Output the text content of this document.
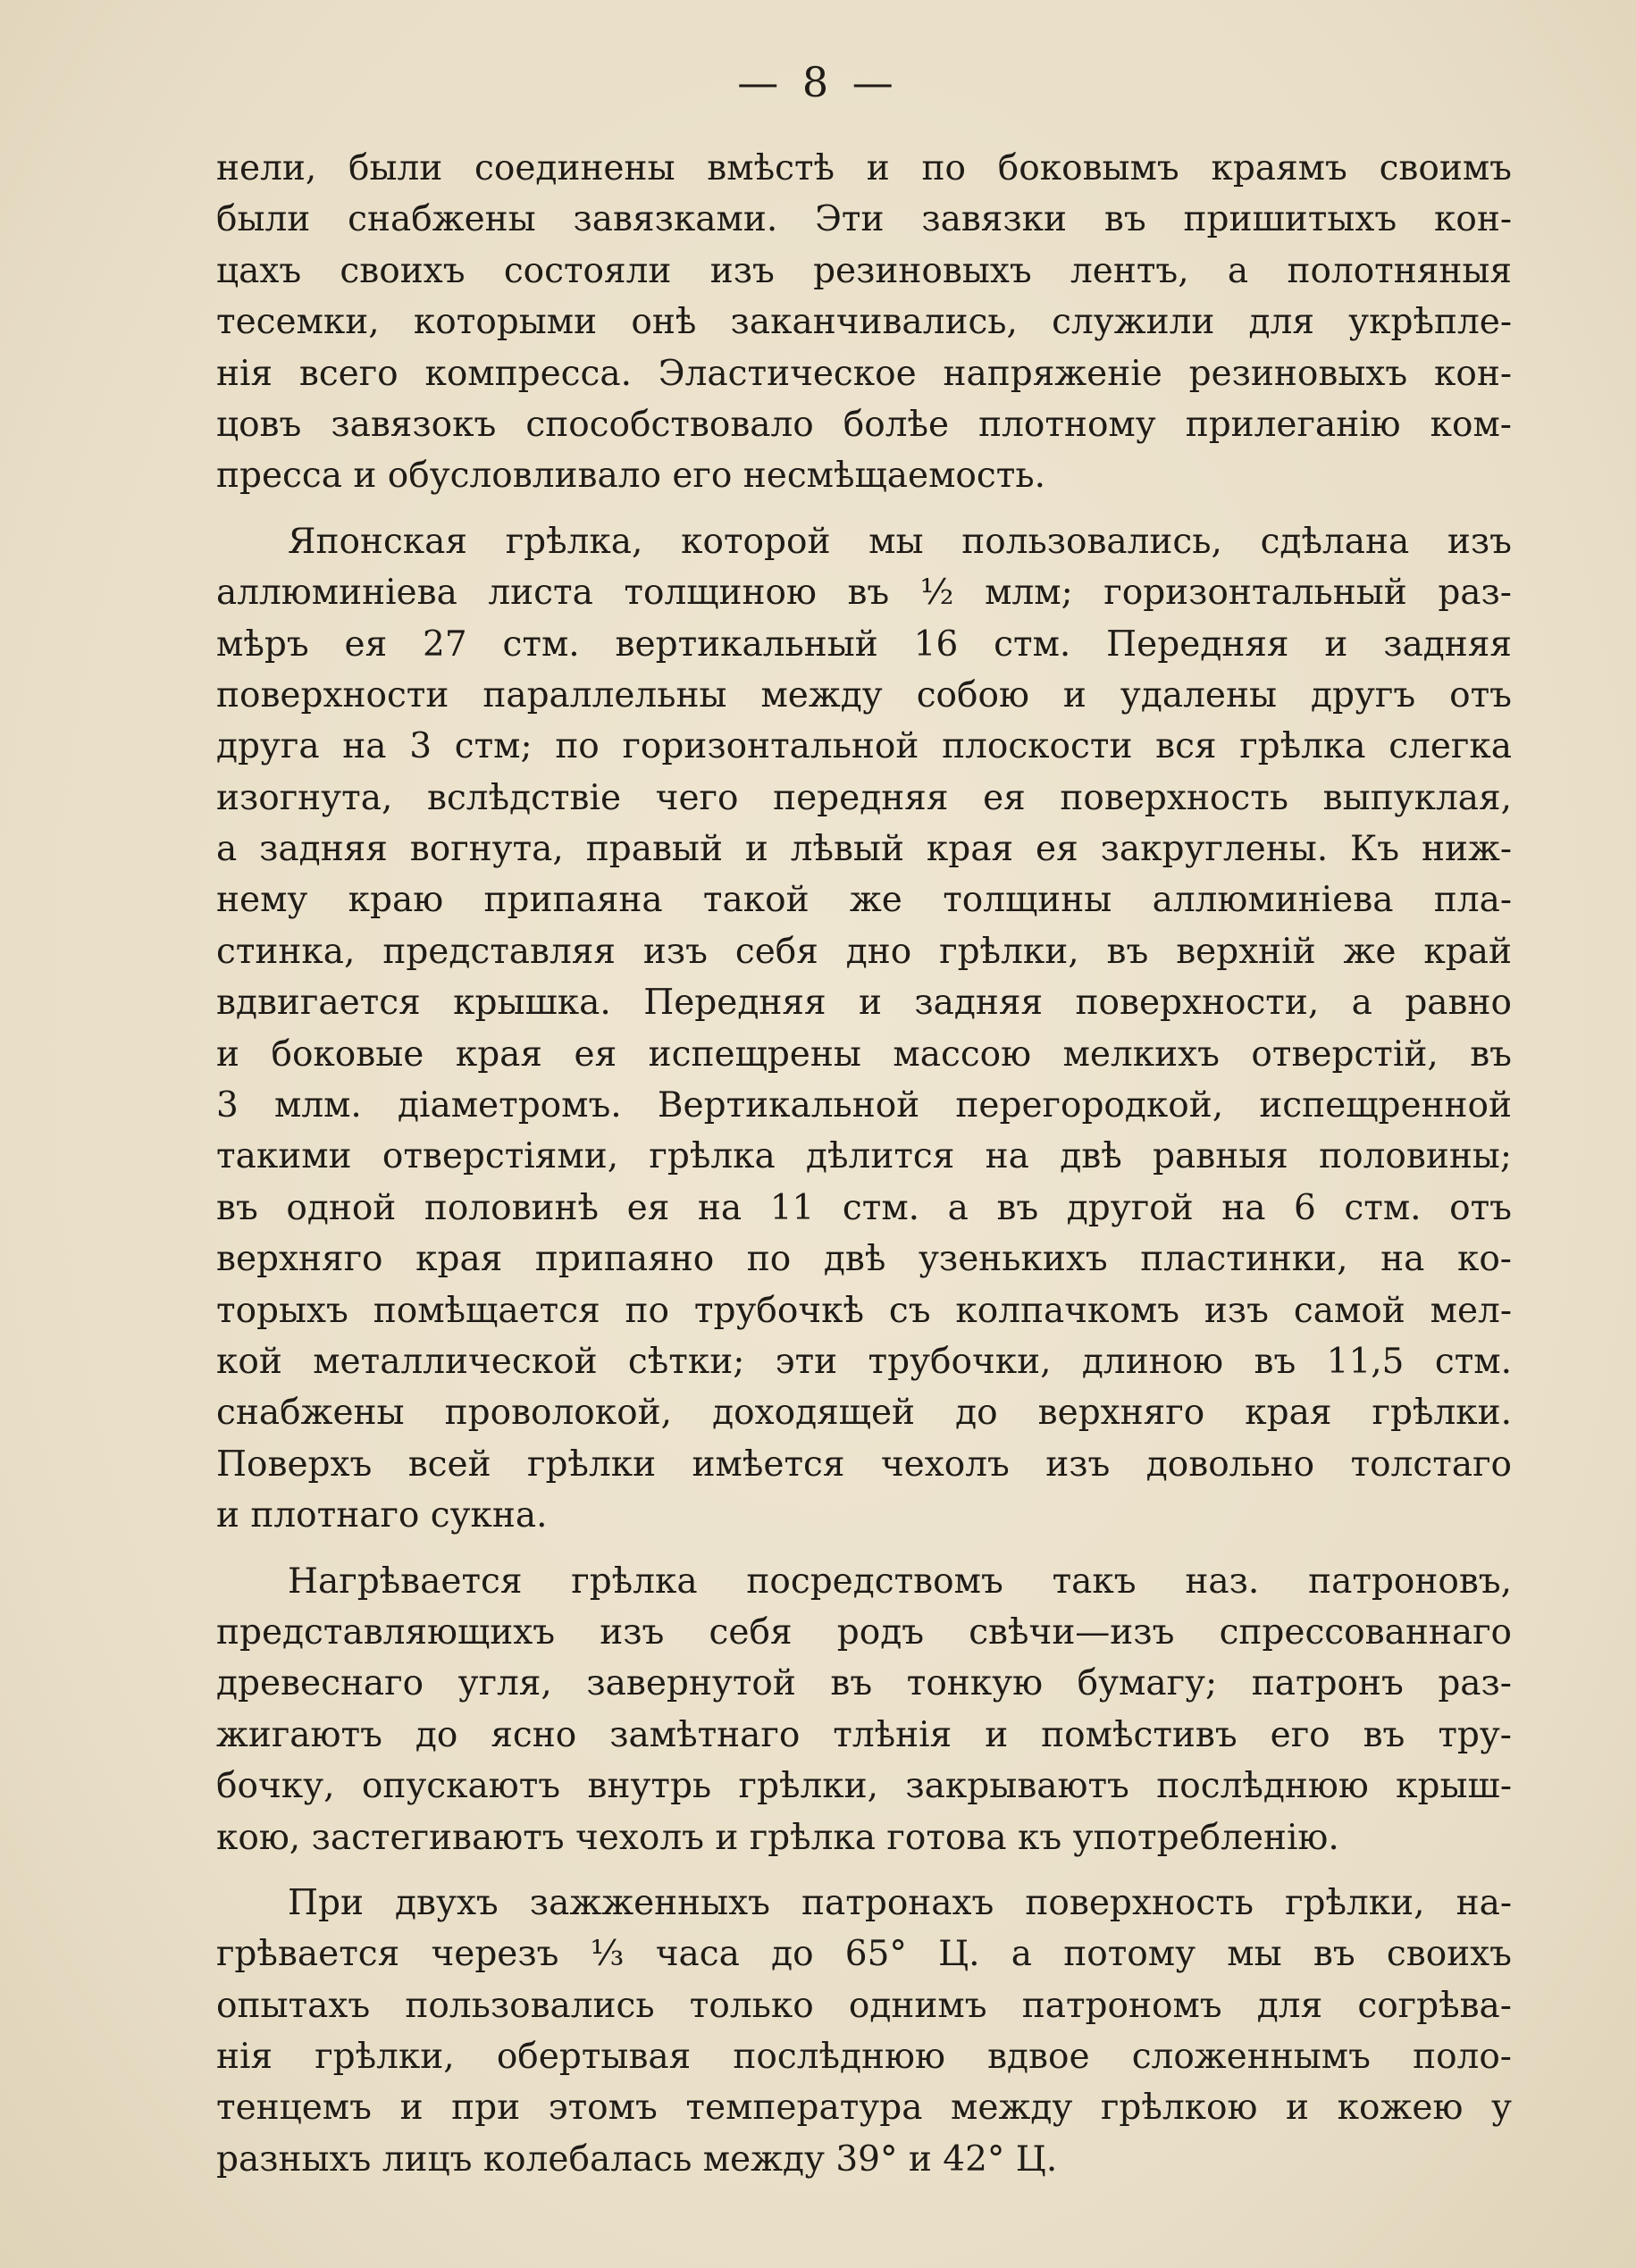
— 8 —
нели, были соединены вмѣстѣ и по боковымъ краямъ своимъ
были снабжены завязками. Эти завязки въ пришитыхъ кон-
цахъ своихъ состояли изъ резиновыхъ лентъ, а полотняныя
тесемки, которыми онѣ заканчивались, служили для укрѣпле-
нія всего компресса. Эластическое напряженіе резиновыхъ кон-
цовъ завязокъ способствовало болѣе плотному прилеганію ком-
пресса и обусловливало его несмѣщаемость.
Японская грѣлка, которой мы пользовались, сдѣлана изъ
аллюминіева листа толщиною въ ½ млм; горизонтальный раз-
мѣръ ея 27 стм. вертикальный 16 стм. Передняя и задняя
поверхности параллельны между собою и удалены другъ отъ
друга на 3 стм; по горизонтальной плоскости вся грѣлка слегка
изогнута, вслѣдствіе чего передняя ея поверхность выпуклая,
а задняя вогнута, правый и лѣвый края ея закруглены. Къ ниж-
нему краю припаяна такой же толщины аллюминіева пла-
стинка, представляя изъ себя дно грѣлки, въ верхній же край
вдвигается крышка. Передняя и задняя поверхности, а равно
и боковые края ея испещрены массою мелкихъ отверстій, въ
3 млм. діаметромъ. Вертикальной перегородкой, испещренной
такими отверстіями, грѣлка дѣлится на двѣ равныя половины;
въ одной половинѣ ея на 11 стм. а въ другой на 6 стм. отъ
верхняго края припаяно по двѣ узенькихъ пластинки, на ко-
торыхъ помѣщается по трубочкѣ съ колпачкомъ изъ самой мел-
кой металлической сѣтки; эти трубочки, длиною въ 11,5 стм.
снабжены проволокой, доходящей до верхняго края грѣлки.
Поверхъ всей грѣлки имѣется чехолъ изъ довольно толстаго
и плотнаго сукна.
Нагрѣвается грѣлка посредствомъ такъ наз. патроновъ,
представляющихъ изъ себя родъ свѣчи—изъ спрессованнаго
древеснаго угля, завернутой въ тонкую бумагу; патронъ раз-
жигаютъ до ясно замѣтнаго тлѣнія и помѣстивъ его въ тру-
бочку, опускаютъ внутрь грѣлки, закрываютъ послѣднюю крыш-
кою, застегиваютъ чехолъ и грѣлка готова къ употребленію.
При двухъ зажженныхъ патронахъ поверхность грѣлки, на-
грѣвается черезъ ⅓ часа до 65° Ц. а потому мы въ своихъ
опытахъ пользовались только однимъ патрономъ для согрѣва-
нія грѣлки, обертывая послѣднюю вдвое сложеннымъ поло-
тенцемъ и при этомъ температура между грѣлкою и кожею у
разныхъ лицъ колебалась между 39° и 42° Ц.
